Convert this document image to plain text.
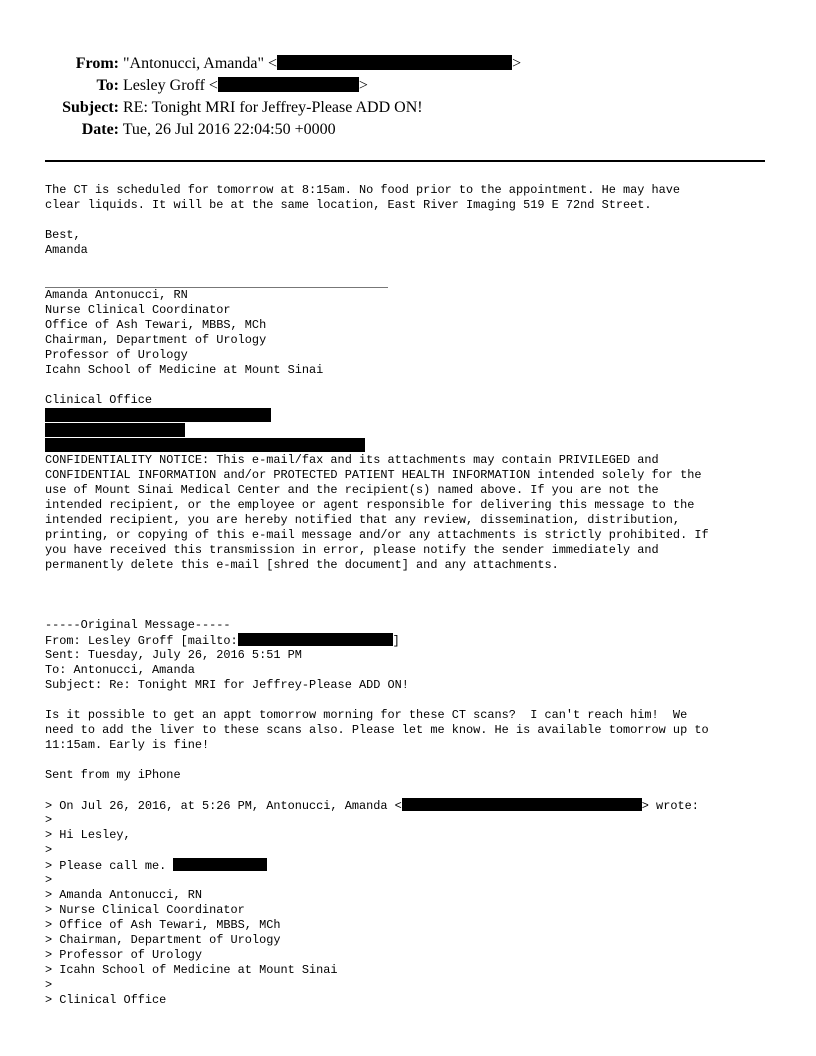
From: "Antonucci, Amanda" <	>
To: Lesley Groff <	>
Subject: RE: Tonight MRI for Jeffrey-Please ADD ON!
Date: Tue, 26 Jul 2016 22:04:50 +0000
The CT is scheduled for tomorrow at 8:15am. No food prior to the appointment. He may have
clear liquids. It will be at the same location, East River Imaging 519 E 72nd Street.
Best,
Amanda
Amanda Antonucci, RN
Nurse Clinical Coordinator
Office of Ash Tewari, MBBS, MCh
Chairman, Department of Urology
Professor of Urology
Icahn School of Medicine at Mount Sinai
Clinical Office
CONFIDENTIALITY NOTICE: This e-mail/fax and its attachments may contain PRIVILEGED and
CONFIDENTIAL INFORMATION and/or PROTECTED PATIENT HEALTH INFORMATION intended solely for the
use of Mount Sinai Medical Center and the recipient(s) named above. If you are not the
intended recipient, or the employee or agent responsible for delivering this message to the
intended recipient, you are hereby notified that any review, dissemination, distribution,
printing, or copying of this e-mail message and/or any attachments is strictly prohibited. If
you have received this transmission in error, please notify the sender immediately and
permanently delete this e-mail [shred the document] and any attachments.
-----Original Message-----
From: Lesley Groff [mailto:	]
Sent: Tuesday, July 26, 2016 5:51 PM
To: Antonucci, Amanda
Subject: Re: Tonight MRI for Jeffrey-Please ADD ON!
Is it possible to get an appt tomorrow morning for these CT scans?  I can't reach him!  We
need to add the liver to these scans also. Please let me know. He is available tomorrow up to
11:15am. Early is fine!
Sent from my iPhone
> On Jul 26, 2016, at 5:26 PM, Antonucci, Amanda <	> wrote:
>
> Hi Lesley,
>
> Please call me.
>
> Amanda Antonucci, RN
> Nurse Clinical Coordinator
> Office of Ash Tewari, MBBS, MCh
> Chairman, Department of Urology
> Professor of Urology
> Icahn School of Medicine at Mount Sinai
>
> Clinical Office
